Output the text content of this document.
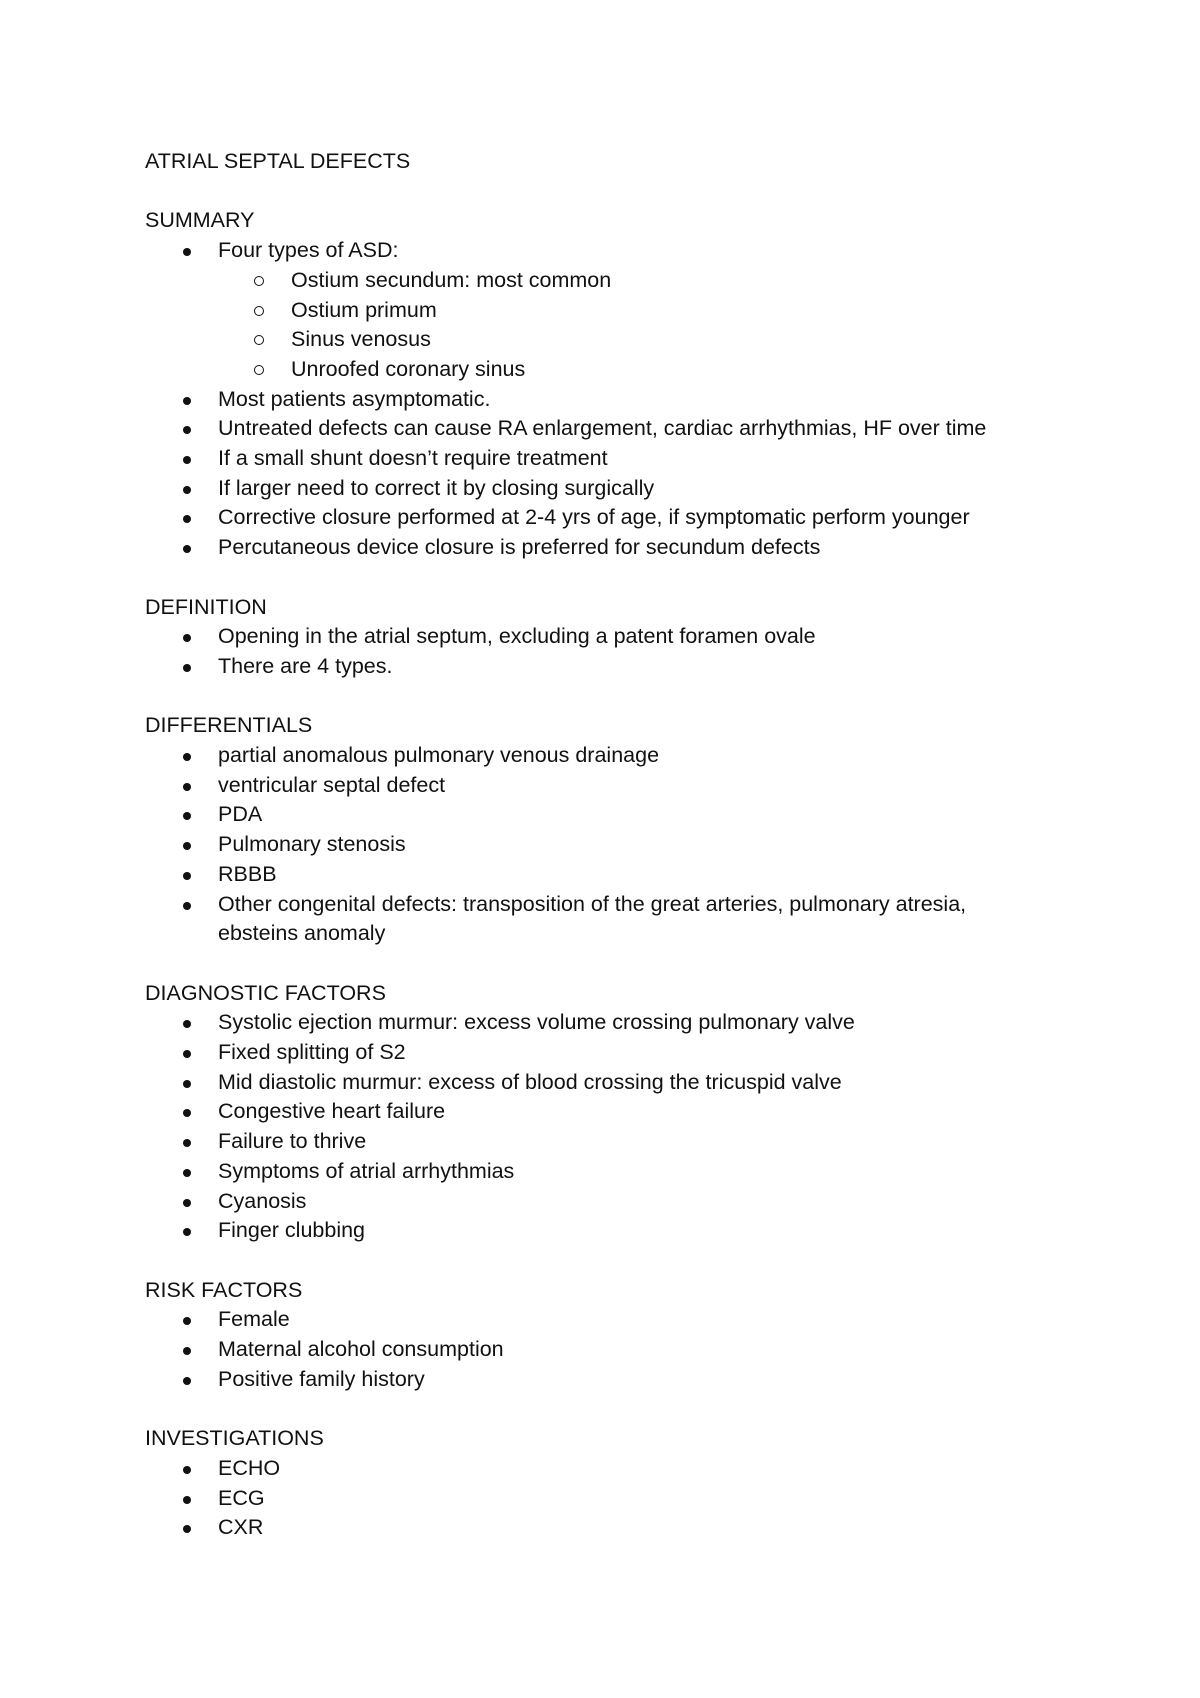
ATRIAL SEPTAL DEFECTS

SUMMARY

Four types of ASD:
Ostium secundum: most common
Ostium primum
Sinus venosus
Unroofed coronary sinus
Most patients asymptomatic.
Untreated defects can cause RA enlargement, cardiac arrhythmias, HF over time
If a small shunt doesn’t require treatment
If larger need to correct it by closing surgically
Corrective closure performed at 2-4 yrs of age, if symptomatic perform younger
Percutaneous device closure is preferred for secundum defects

DEFINITION

Opening in the atrial septum, excluding a patent foramen ovale
There are 4 types.

DIFFERENTIALS

partial anomalous pulmonary venous drainage
ventricular septal defect
PDA
Pulmonary stenosis
RBBB
Other congenital defects: transposition of the great arteries, pulmonary atresia, ebsteins anomaly

DIAGNOSTIC FACTORS

Systolic ejection murmur: excess volume crossing pulmonary valve
Fixed splitting of S2
Mid diastolic murmur: excess of blood crossing the tricuspid valve
Congestive heart failure
Failure to thrive
Symptoms of atrial arrhythmias
Cyanosis
Finger clubbing

RISK FACTORS

Female
Maternal alcohol consumption
Positive family history

INVESTIGATIONS

ECHO
ECG
CXR
